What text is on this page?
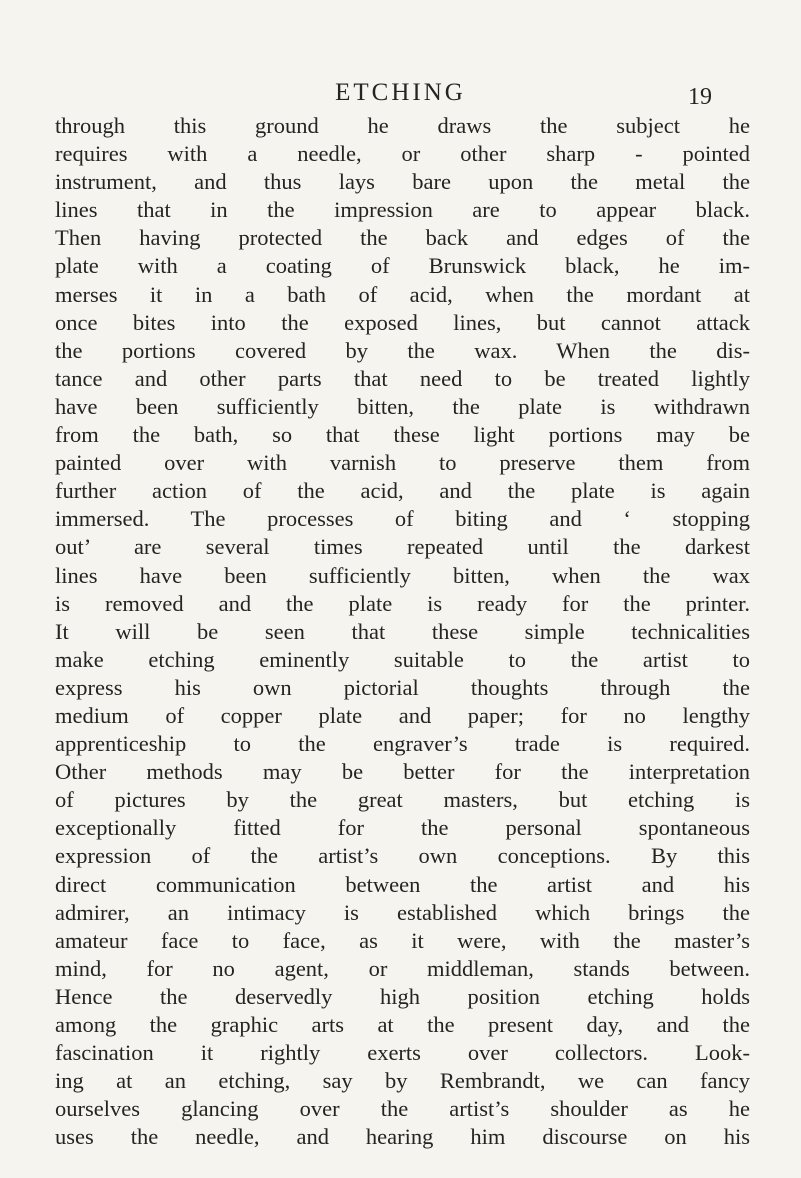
ETCHING	19
through this ground he draws the subject he
requires with a needle, or other sharp - pointed
instrument, and thus lays bare upon the metal the
lines that in the impression are to appear black.
Then having protected the back and edges of the
plate with a coating of Brunswick black, he im-
merses it in a bath of acid, when the mordant at
once bites into the exposed lines, but cannot attack
the portions covered by the wax. When the dis-
tance and other parts that need to be treated lightly
have been sufficiently bitten, the plate is withdrawn
from the bath, so that these light portions may be
painted over with varnish to preserve them from
further action of the acid, and the plate is again
immersed. The processes of biting and ‘ stopping
out’ are several times repeated until the darkest
lines have been sufficiently bitten, when the wax
is removed and the plate is ready for the printer.
It will be seen that these simple technicalities
make etching eminently suitable to the artist to
express his own pictorial thoughts through the
medium of copper plate and paper; for no lengthy
apprenticeship to the engraver’s trade is required.
Other methods may be better for the interpretation
of pictures by the great masters, but etching is
exceptionally fitted for the personal spontaneous
expression of the artist’s own conceptions. By this
direct communication between the artist and his
admirer, an intimacy is established which brings the
amateur face to face, as it were, with the master’s
mind, for no agent, or middleman, stands between.
Hence the deservedly high position etching holds
among the graphic arts at the present day, and the
fascination it rightly exerts over collectors. Look-
ing at an etching, say by Rembrandt, we can fancy
ourselves glancing over the artist’s shoulder as he
uses the needle, and hearing him discourse on his
